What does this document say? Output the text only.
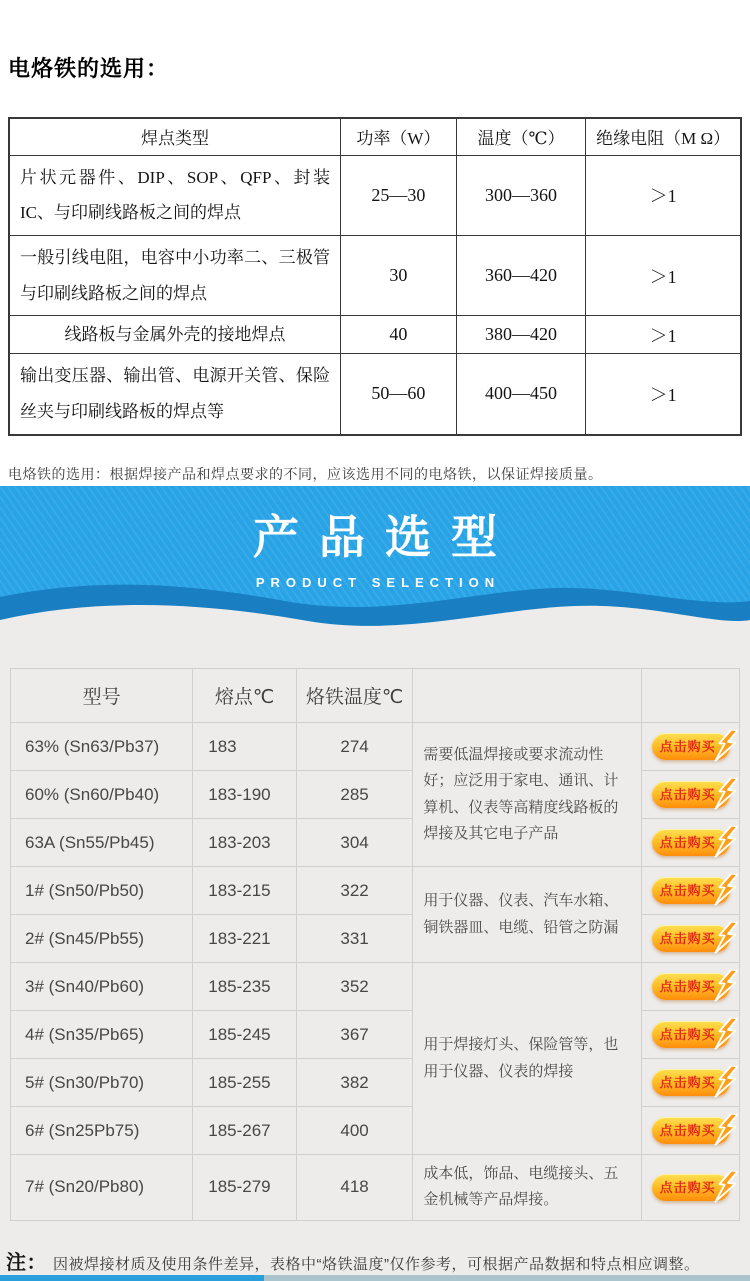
电烙铁的选用：
焊点类型	功率（W）	温度（℃）	绝缘电阻（M Ω）
片状元器件、DIP、SOP、QFP、封装IC、与印刷线路板之间的焊点	25—30	300—360	＞1
一般引线电阻，电容中小功率二、三极管与印刷线路板之间的焊点	30	360—420	＞1
线路板与金属外壳的接地焊点	40	380—420	＞1
输出变压器、输出管、电源开关管、保险丝夹与印刷线路板的焊点等	50—60	400—450	＞1

电烙铁的选用：根据焊接产品和焊点要求的不同，应该选用不同的电烙铁，以保证焊接质量。

产品选型
PRODUCT SELECTION
型号	熔点℃	烙铁温度℃		
63% (Sn63/Pb37)	183	274	需要低温焊接或要求流动性好；应泛用于家电、通讯、计算机、仪表等高精度线路板的焊接及其它电子产品	点击购买

60% (Sn60/Pb40)	183-190	285		点击购买

63A (Sn55/Pb45)	183-203	304		点击购买

1# (Sn50/Pb50)	183-215	322	用于仪器、仪表、汽车水箱、铜铁器皿、电缆、铅管之防漏	点击购买

2# (Sn45/Pb55)	183-221	331		点击购买

3# (Sn40/Pb60)	185-235	352	用于焊接灯头、保险管等，也用于仪器、仪表的焊接	点击购买

4# (Sn35/Pb65)	185-245	367		点击购买

5# (Sn30/Pb70)	185-255	382		点击购买

6# (Sn25Pb75)	185-267	400		点击购买

7# (Sn20/Pb80)	185-279	418	成本低，饰品、电缆接头、五金机械等产品焊接。	点击购买

注： 因被焊接材质及使用条件差异，表格中“烙铁温度”仅作参考，可根据产品数据和特点相应调整。
